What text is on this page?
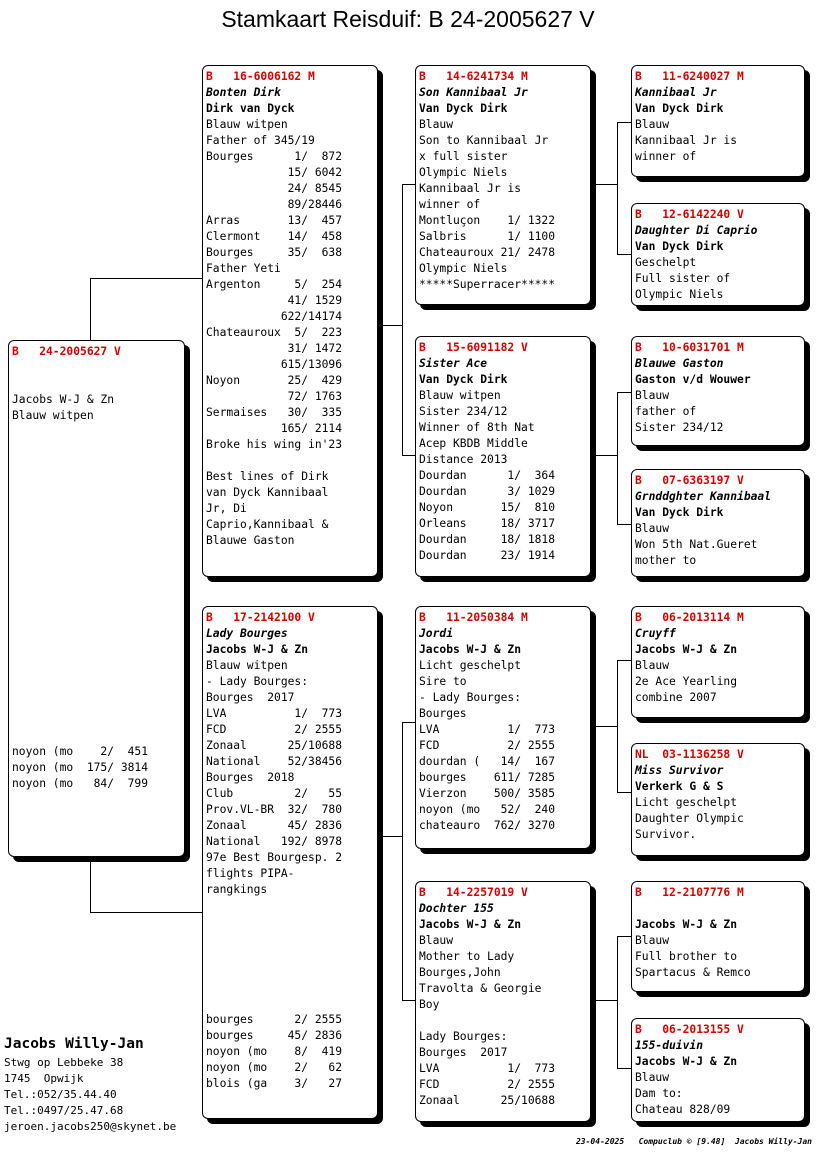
Stamkaart Reisduif: B 24-2005627 V
B   24-2005627 V
Jacobs W-J & Zn
Blauw witpen
noyon (mo    2/  451
noyon (mo  175/ 3814
noyon (mo   84/  799
B   16-6006162 M
Bonten Dirk
Dirk van Dyck
Blauw witpen
Father of 345/19
Bourges      1/  872
15/ 6042
24/ 8545
89/28446
Arras       13/  457
Clermont    14/  458
Bourges     35/  638
Father Yeti
Argenton     5/  254
41/ 1529
622/14174
Chateauroux  5/  223
31/ 1472
615/13096
Noyon       25/  429
72/ 1763
Sermaises   30/  335
165/ 2114
Broke his wing in'23
Best lines of Dirk
van Dyck Kannibaal
Jr, Di
Caprio,Kannibaal &
Blauwe Gaston
B   17-2142100 V
Lady Bourges
Jacobs W-J & Zn
Blauw witpen
- Lady Bourges:
Bourges  2017
LVA          1/  773
FCD          2/ 2555
Zonaal      25/10688
National    52/38456
Bourges  2018
Club         2/   55
Prov.VL-BR  32/  780
Zonaal      45/ 2836
National   192/ 8978
97e Best Bourgesp. 2
flights PIPA-
rangkings
bourges      2/ 2555
bourges     45/ 2836
noyon (mo    8/  419
noyon (mo    2/   62
blois (ga    3/   27
B   14-6241734 M
Son Kannibaal Jr
Van Dyck Dirk
Blauw
Son to Kannibaal Jr
x full sister
Olympic Niels
Kannibaal Jr is
winner of
Montluçon    1/ 1322
Salbris      1/ 1100
Chateauroux 21/ 2478
Olympic Niels
*****Superracer*****
B   15-6091182 V
Sister Ace
Van Dyck Dirk
Blauw witpen
Sister 234/12
Winner of 8th Nat
Acep KBDB Middle
Distance 2013
Dourdan      1/  364
Dourdan      3/ 1029
Noyon       15/  810
Orleans     18/ 3717
Dourdan     18/ 1818
Dourdan     23/ 1914
B   11-2050384 M
Jordi
Jacobs W-J & Zn
Licht geschelpt
Sire to
- Lady Bourges:
Bourges
LVA          1/  773
FCD          2/ 2555
dourdan (   14/  167
bourges    611/ 7285
Vierzon    500/ 3585
noyon (mo   52/  240
chateauro  762/ 3270
B   14-2257019 V
Dochter 155
Jacobs W-J & Zn
Blauw
Mother to Lady
Bourges,John
Travolta & Georgie
Boy
Lady Bourges:
Bourges  2017
LVA          1/  773
FCD          2/ 2555
Zonaal      25/10688
B   11-6240027 M
Kannibaal Jr
Van Dyck Dirk
Blauw
Kannibaal Jr is
winner of
B   12-6142240 V
Daughter Di Caprio
Van Dyck Dirk
Geschelpt
Full sister of
Olympic Niels
B   10-6031701 M
Blauwe Gaston
Gaston v/d Wouwer
Blauw
father of
Sister 234/12
B   07-6363197 V
Grnddghter Kannibaal
Van Dyck Dirk
Blauw
Won 5th Nat.Gueret
mother to
B   06-2013114 M
Cruyff
Jacobs W-J & Zn
Blauw
2e Ace Yearling
combine 2007
NL  03-1136258 V
Miss Survivor
Verkerk G & S
Licht geschelpt
Daughter Olympic
Survivor.
B   12-2107776 M
Jacobs W-J & Zn
Blauw
Full brother to
Spartacus & Remco
B   06-2013155 V
155-duivin
Jacobs W-J & Zn
Blauw
Dam to:
Chateau 828/09
Jacobs Willy-Jan
Stwg op Lebbeke 38
1745  Opwijk
Tel.:052/35.44.40
Tel.:0497/25.47.68
jeroen.jacobs250@skynet.be
23-04-2025   Compuclub © [9.48]  Jacobs Willy-Jan
